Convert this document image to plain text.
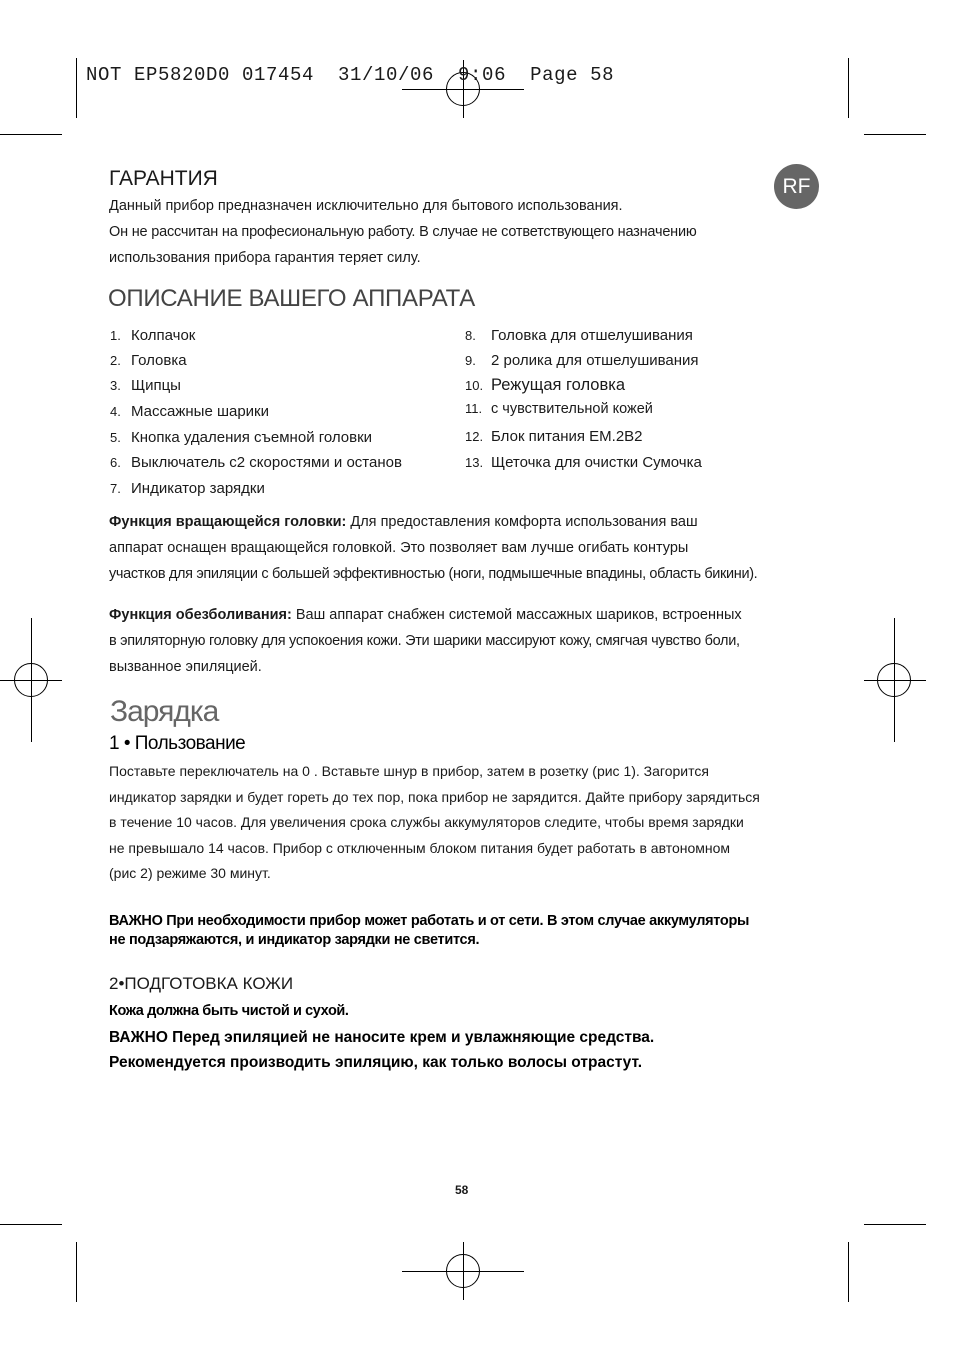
NOT EP5820D0 017454  31/10/06  9:06  Page 58
RF
ГАРАНТИЯ
Данный прибор предназначен исключительно для бытового использования.
Он не рассчитан на професиональную работу. В случае не сответствующего назначению
использования прибора гарантия теряет силу.
ОПИСАНИЕ ВАШЕГО АППАРАТА
1. Колпачок
2. Головка
3. Щипцы
4. Массажные шарики
5. Кнопка удаления съемной головки
6. Выключатель с2 скоростями и останов
7. Индикатор зарядки
8. Головка для отшелушивания
9. 2 ролика для отшелушивания
10. Режущая головка
11. с чувствительной кожей
12. Блок питания EM.2B2
13. Щеточка для очистки Сумочка
Функция вращающейся головки: Для предоставления комфорта использования ваш
аппарат оснащен вращающейся головкой. Это позволяет вам лучше огибать контуры
участков для эпиляции с большей эффективностью (ноги, подмышечные впадины, область бикини).
Функция обезболивания: Ваш аппарат снабжен системой массажных шариков, встроенных
в эпиляторную головку для успокоения кожи. Эти шарики массируют кожу, смягчая чувство боли,
вызванное эпиляцией.
Зарядка
1 • Пользование
Поставьте переключатель на 0 . Вставьте шнур в прибор, затем в розетку (рис 1). Загорится
индикатор зарядки и будет гореть до тех пор, пока прибор не зарядится. Дайте прибору зарядиться
в течение 10 часов. Для увеличения срока службы аккумуляторов следите, чтобы время зарядки
не превышало 14 часов. Прибор с отключенным блоком питания будет работать в автономном
(рис 2) режиме 30 минут.
ВАЖНО При необходимости прибор может работать и от сети. В этом случае аккумуляторы
не подзаряжаются, и индикатор зарядки не светится.
2•ПОДГОТОВКА КОЖИ
Кожа должна быть чистой и сухой.
ВАЖНО Перед эпиляцией не наносите крем и увлажняющие средства.
Рекомендуется производить эпиляцию, как только волосы отрастут.
58
